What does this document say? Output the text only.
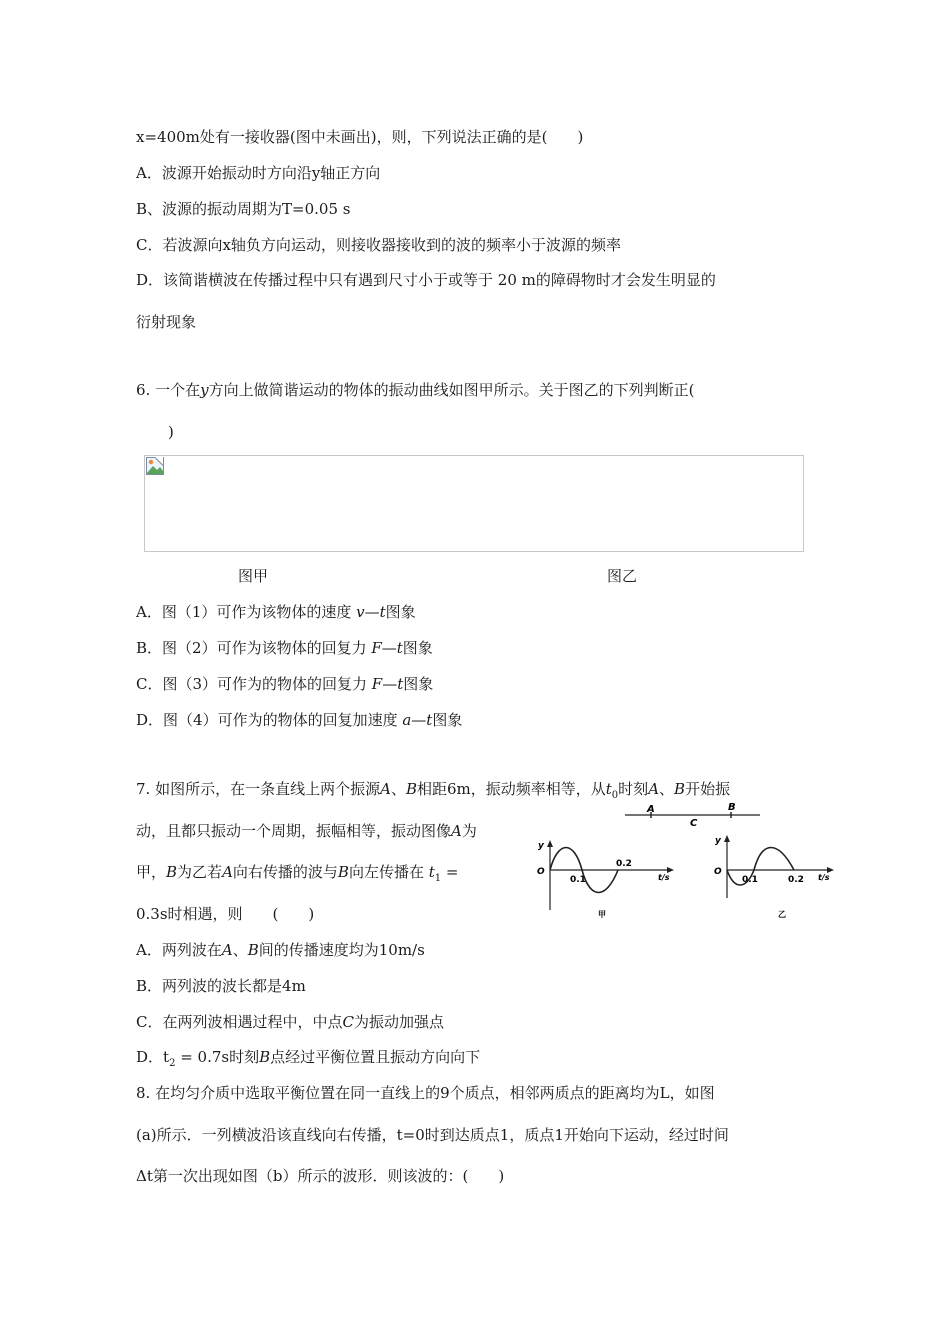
x=400m处有一接收器(图中未画出)，则，下列说法正确的是(　　)
A．波源开始振动时方向沿y轴正方向
B、波源的振动周期为T=0.05 s
C．若波源向x轴负方向运动，则接收器接收到的波的频率小于波源的频率
D．该简谐横波在传播过程中只有遇到尺寸小于或等于 20 m的障碍物时才会发生明显的
衍射现象
6. 一个在y方向上做简谐运动的物体的振动曲线如图甲所示。关于图乙的下列判断正(
)
图甲	图乙
A．图（1）可作为该物体的速度 v—t图象
B．图（2）可作为该物体的回复力 F—t图象
C．图（3）可作为的物体的回复力 F—t图象
D．图（4）可作为的物体的回复加速度 a—t图象
7. 如图所示，在一条直线上两个振源A、B相距6m，振动频率相等，从$t_0$时刻A、B开始振
动，且都只振动一个周期，振幅相等，振动图像A为
甲，B为乙若A向右传播的波与B向左传播在 $t_1$ =
0.3s时相遇，则　　(　　)
A．两列波在A、B间的传播速度均为10m/s
B．两列波的波长都是4m
C．在两列波相遇过程中，中点C为振动加强点
D．$t_2 = 0.7s$时刻B点经过平衡位置且振动方向向下
A	B
C
y
O
0.1
0.2
t/s
甲
y
O
0.1	0.2 t/s
乙
8. 在均匀介质中选取平衡位置在同一直线上的9个质点，相邻两质点的距离均为L，如图
(a)所示．一列横波沿该直线向右传播，t=0时到达质点1，质点1开始向下运动，经过时间
Δt第一次出现如图（b）所示的波形．则该波的：(　　)
